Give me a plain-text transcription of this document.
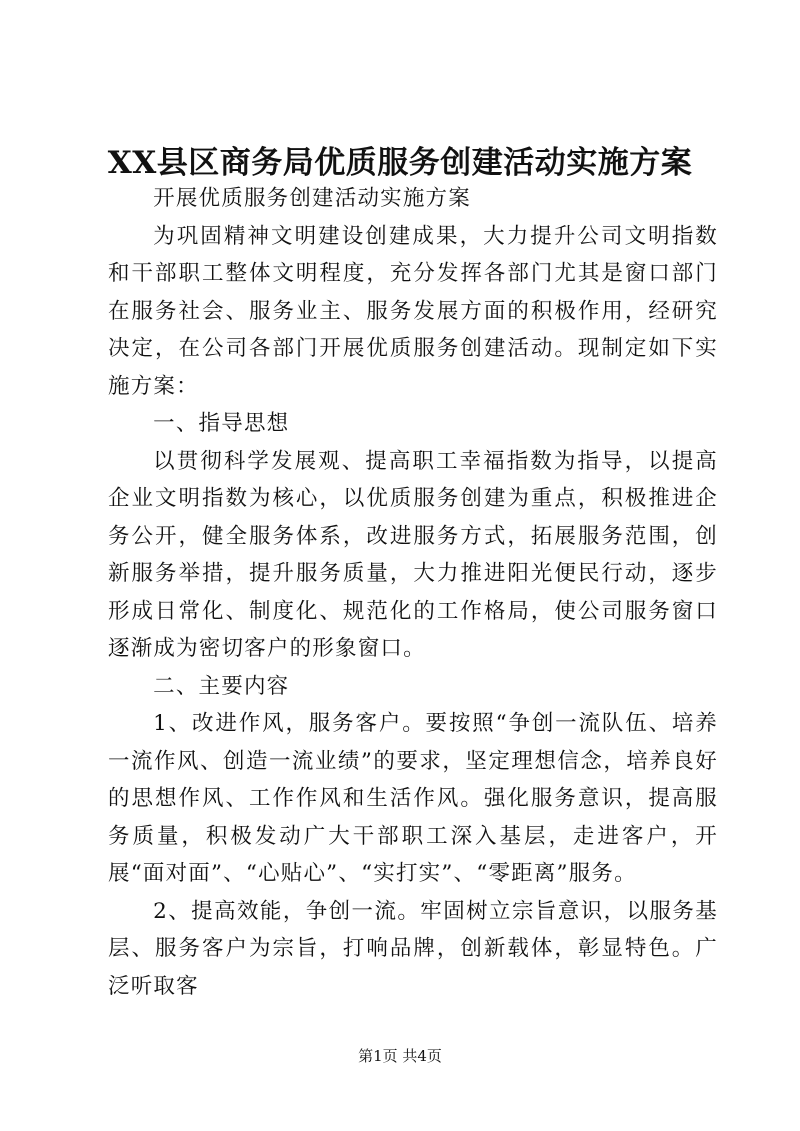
XX县区商务局优质服务创建活动实施方案

开展优质服务创建活动实施方案

为巩固精神文明建设创建成果，大力提升公司文明指数和干部职工整体文明程度，充分发挥各部门尤其是窗口部门在服务社会、服务业主、服务发展方面的积极作用，经研究决定，在公司各部门开展优质服务创建活动。现制定如下实施方案：

一、指导思想

以贯彻科学发展观、提高职工幸福指数为指导，以提高企业文明指数为核心，以优质服务创建为重点，积极推进企务公开，健全服务体系，改进服务方式，拓展服务范围，创新服务举措，提升服务质量，大力推进阳光便民行动，逐步形成日常化、制度化、规范化的工作格局，使公司服务窗口逐渐成为密切客户的形象窗口。

二、主要内容

1、改进作风，服务客户。要按照“争创一流队伍、培养一流作风、创造一流业绩”的要求，坚定理想信念，培养良好的思想作风、工作作风和生活作风。强化服务意识，提高服务质量，积极发动广大干部职工深入基层，走进客户，开展“面对面”、“心贴心”、“实打实”、“零距离”服务。

2、提高效能，争创一流。牢固树立宗旨意识，以服务基层、服务客户为宗旨，打响品牌，创新载体，彰显特色。广泛听取客

第1页 共4页
